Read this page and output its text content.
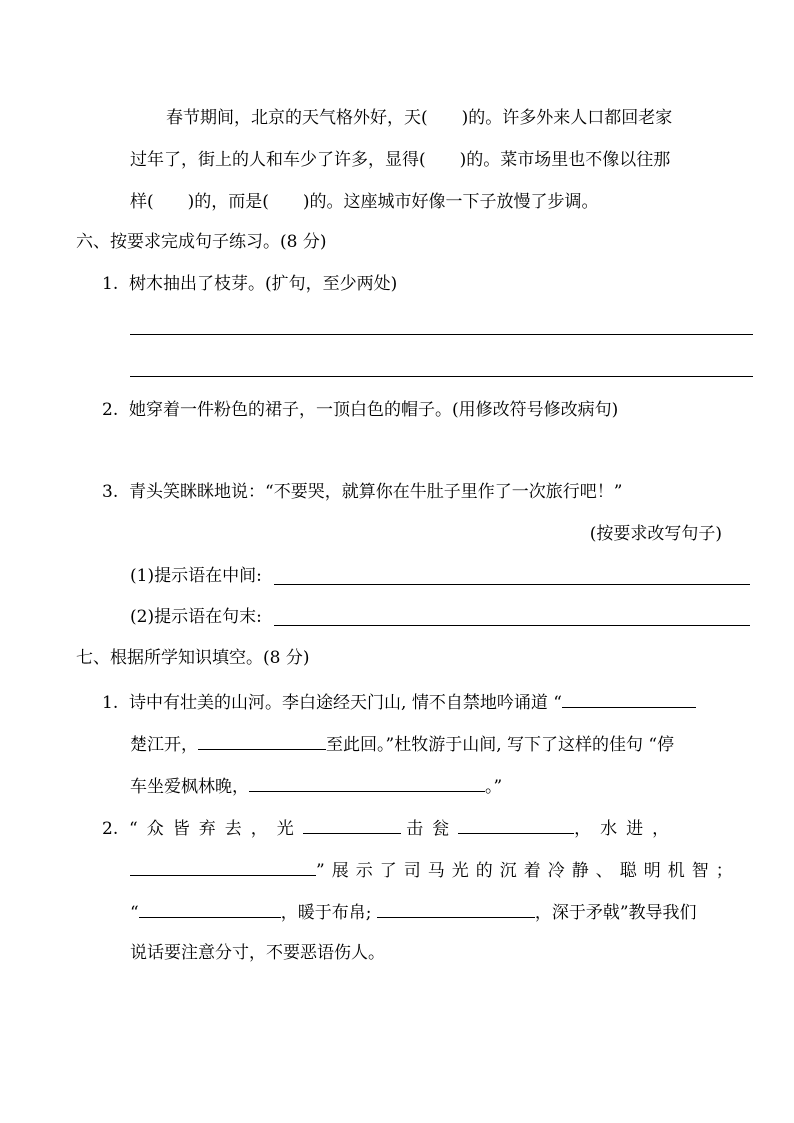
春节期间，北京的天气格外好，天( )的。许多外来人口都回老家
过年了，街上的人和车少了许多，显得( )的。菜市场里也不像以往那
样( )的，而是( )的。这座城市好像一下子放慢了步调。
六、按要求完成句子练习。(8 分)
1. 树木抽出了枝芽。(扩句，至少两处)
2. 她穿着一件粉色的裙子，一顶白色的帽子。(用修改符号修改病句)
3. 青头笑眯眯地说：“不要哭，就算你在牛肚子里作了一次旅行吧！”
(按要求改写句子)
(1)提示语在中间:
(2)提示语在句末:
七、根据所学知识填空。(8 分)
1. 诗中有壮美的山河。李白途经天门山, 情不自禁地吟诵道 “
楚江开，	至此回。”杜牧游于山间, 写下了这样的佳句 “停
车坐爱枫林晚，	。”
2. “众皆弃去，光	击瓮	，水进，
”展示了司马光的沉着冷静、聪明机智；
“	，暖于布帛;	，深于矛戟”教导我们
说话要注意分寸，不要恶语伤人。
